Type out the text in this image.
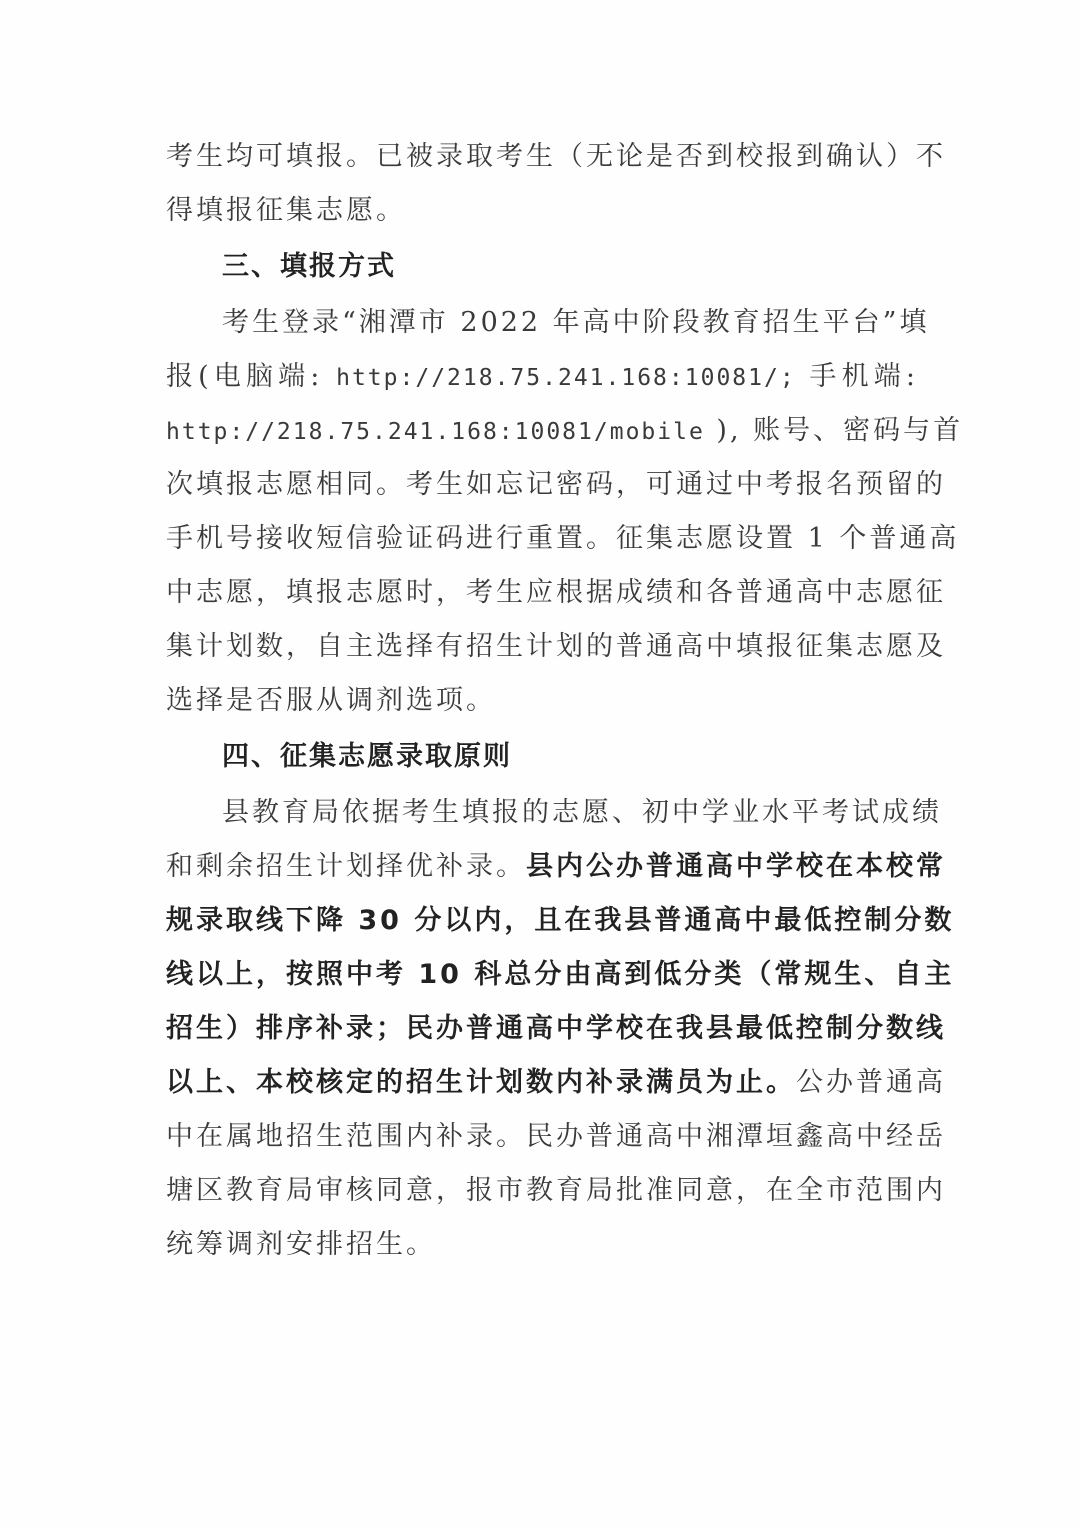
考生均可填报。已被录取考生（无论是否到校报到确认）不
得填报征集志愿。
三、填报方式
考生登录“湘潭市 2022 年高中阶段教育招生平台”填
报(电脑端: http://218.75.241.168:10081/; 手机端:
http://218.75.241.168:10081/mobile ), 账号、密码与首
次填报志愿相同。考生如忘记密码，可通过中考报名预留的
手机号接收短信验证码进行重置。征集志愿设置 1 个普通高
中志愿，填报志愿时，考生应根据成绩和各普通高中志愿征
集计划数，自主选择有招生计划的普通高中填报征集志愿及
选择是否服从调剂选项。
四、征集志愿录取原则
县教育局依据考生填报的志愿、初中学业水平考试成绩
和剩余招生计划择优补录。县内公办普通高中学校在本校常
规录取线下降 30 分以内，且在我县普通高中最低控制分数
线以上，按照中考 10 科总分由高到低分类（常规生、自主
招生）排序补录；民办普通高中学校在我县最低控制分数线
以上、本校核定的招生计划数内补录满员为止。公办普通高
中在属地招生范围内补录。民办普通高中湘潭垣鑫高中经岳
塘区教育局审核同意，报市教育局批准同意，在全市范围内
统筹调剂安排招生。
